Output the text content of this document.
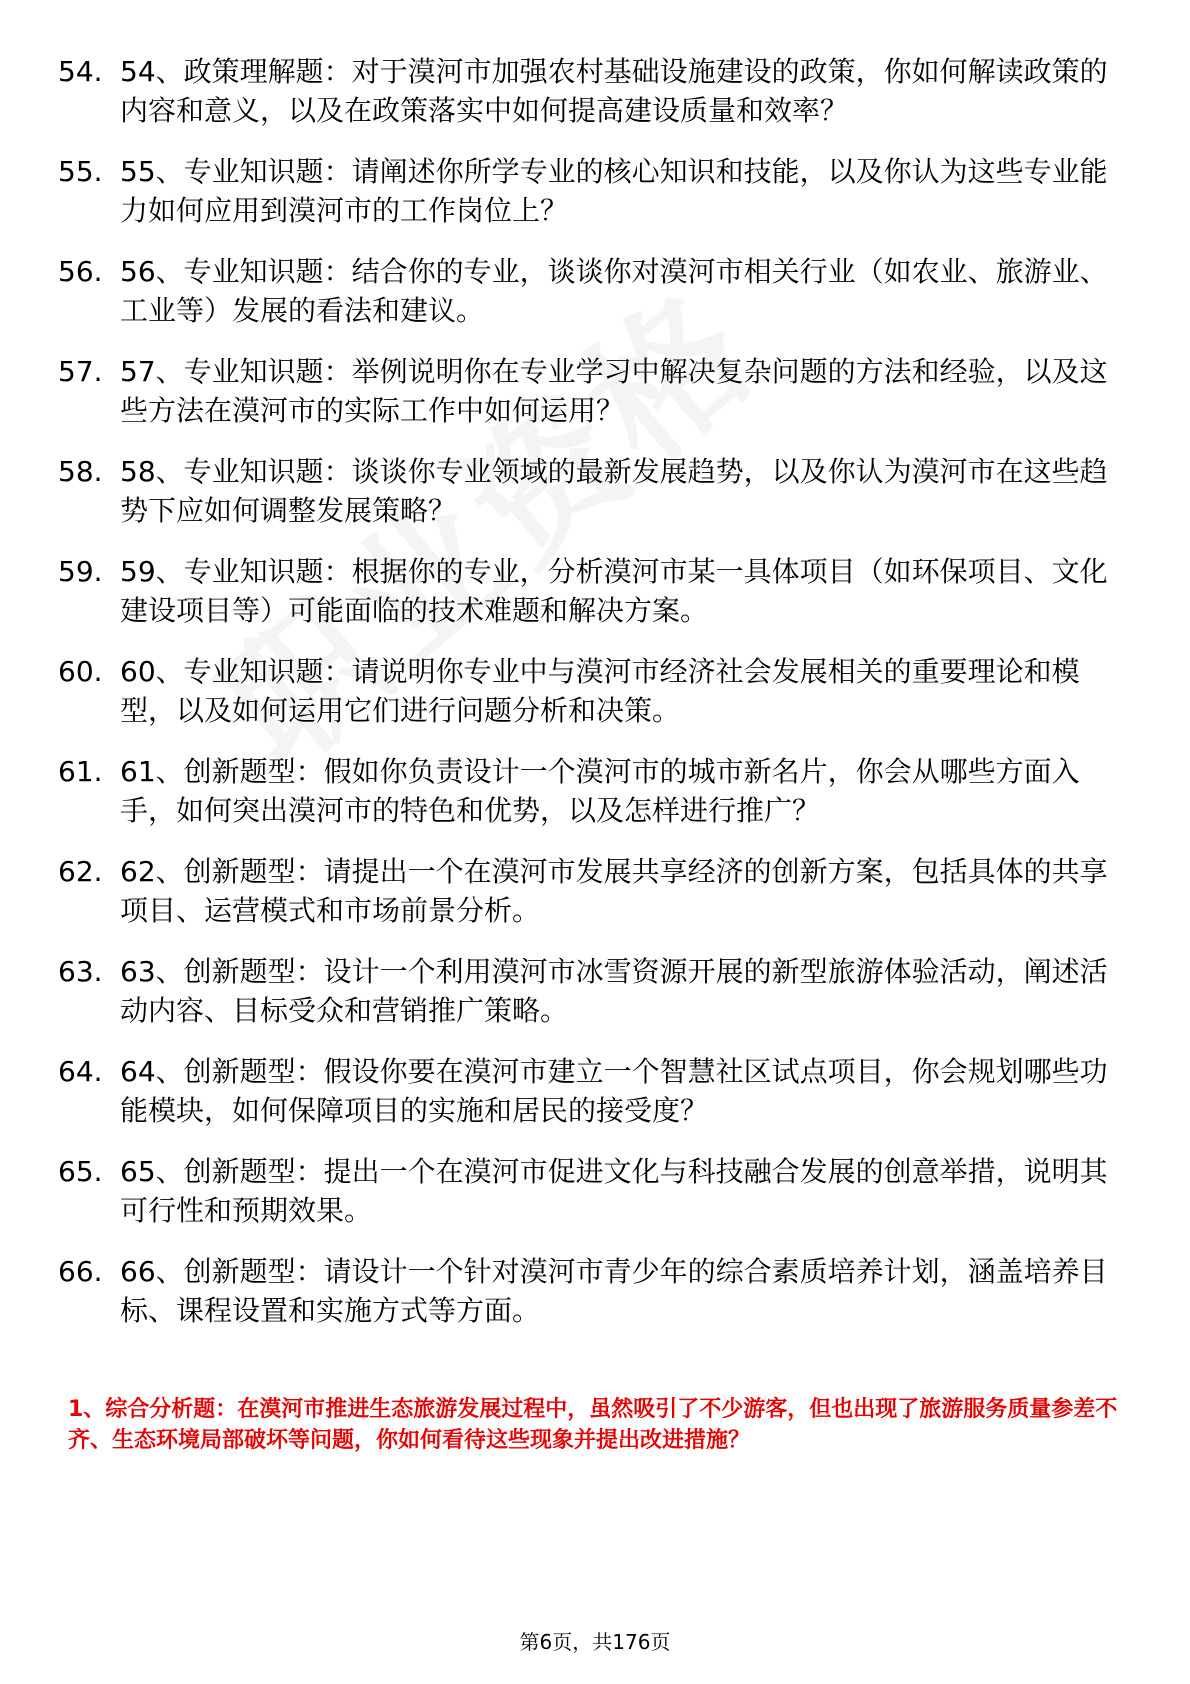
54. 54、政策理解题：对于漠河市加强农村基础设施建设的政策，你如何解读政策的内容和意义，以及在政策落实中如何提高建设质量和效率？
55. 55、专业知识题：请阐述你所学专业的核心知识和技能，以及你认为这些专业能力如何应用到漠河市的工作岗位上？
56. 56、专业知识题：结合你的专业，谈谈你对漠河市相关行业（如农业、旅游业、工业等）发展的看法和建议。
57. 57、专业知识题：举例说明你在专业学习中解决复杂问题的方法和经验，以及这些方法在漠河市的实际工作中如何运用？
58. 58、专业知识题：谈谈你专业领域的最新发展趋势，以及你认为漠河市在这些趋势下应如何调整发展策略？
59. 59、专业知识题：根据你的专业，分析漠河市某一具体项目（如环保项目、文化建设项目等）可能面临的技术难题和解决方案。
60. 60、专业知识题：请说明你专业中与漠河市经济社会发展相关的重要理论和模型，以及如何运用它们进行问题分析和决策。
61. 61、创新题型：假如你负责设计一个漠河市的城市新名片，你会从哪些方面入手，如何突出漠河市的特色和优势，以及怎样进行推广？
62. 62、创新题型：请提出一个在漠河市发展共享经济的创新方案，包括具体的共享项目、运营模式和市场前景分析。
63. 63、创新题型：设计一个利用漠河市冰雪资源开展的新型旅游体验活动，阐述活动内容、目标受众和营销推广策略。
64. 64、创新题型：假设你要在漠河市建立一个智慧社区试点项目，你会规划哪些功能模块，如何保障项目的实施和居民的接受度？
65. 65、创新题型：提出一个在漠河市促进文化与科技融合发展的创意举措，说明其可行性和预期效果。
66. 66、创新题型：请设计一个针对漠河市青少年的综合素质培养计划，涵盖培养目标、课程设置和实施方式等方面。
1、综合分析题：在漠河市推进生态旅游发展过程中，虽然吸引了不少游客，但也出现了旅游服务质量参差不齐、生态环境局部破坏等问题，你如何看待这些现象并提出改进措施？
第6页，共176页
